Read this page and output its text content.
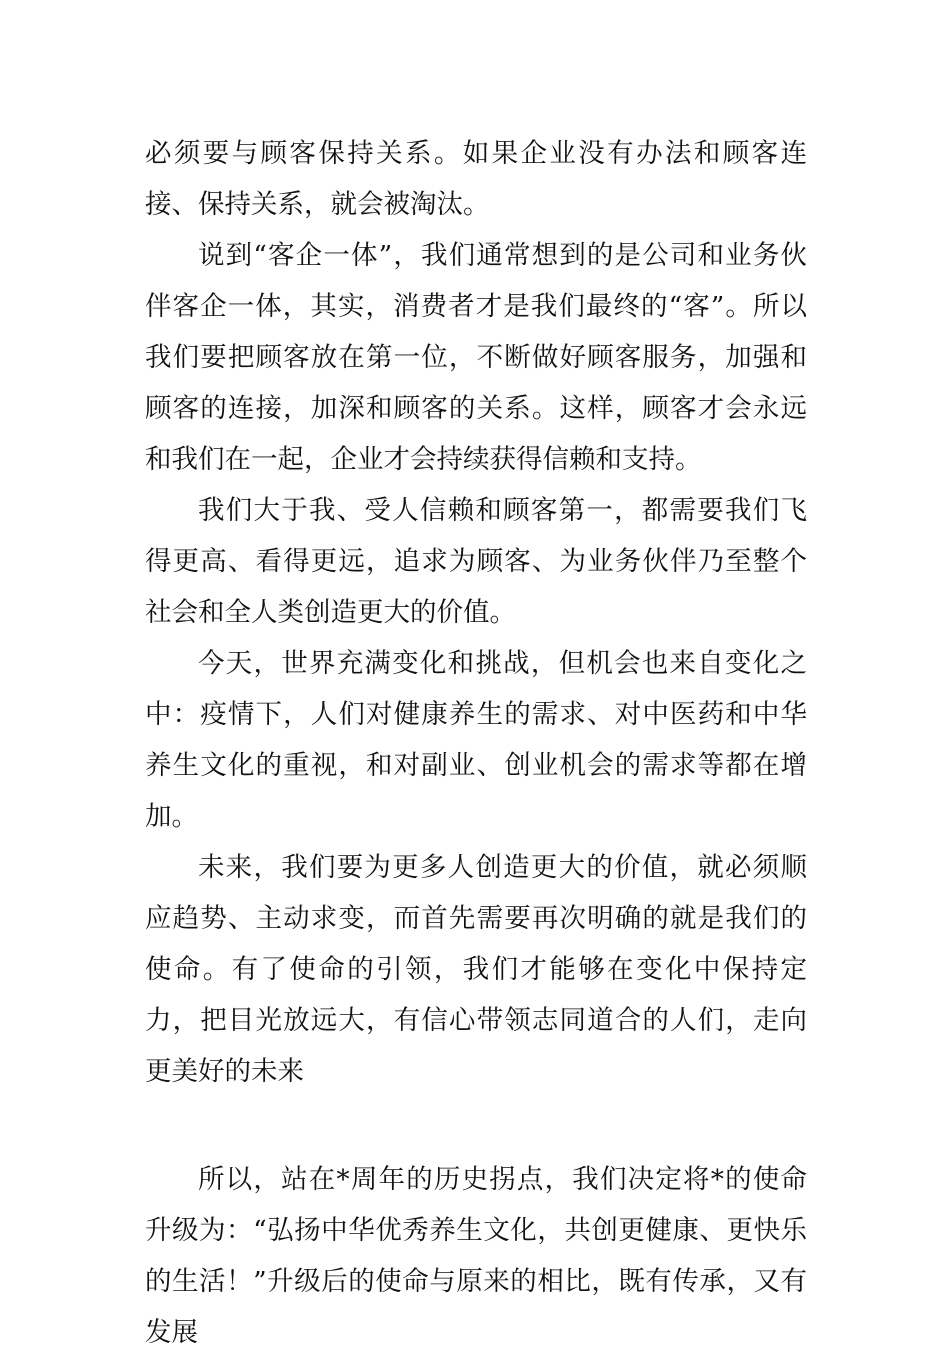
必须要与顾客保持关系。如果企业没有办法和顾客连接、保持关系，就会被淘汰。

说到“客企一体”，我们通常想到的是公司和业务伙伴客企一体，其实，消费者才是我们最终的“客”。所以我们要把顾客放在第一位，不断做好顾客服务，加强和顾客的连接，加深和顾客的关系。这样，顾客才会永远和我们在一起，企业才会持续获得信赖和支持。

我们大于我、受人信赖和顾客第一，都需要我们飞得更高、看得更远，追求为顾客、为业务伙伴乃至整个社会和全人类创造更大的价值。

今天，世界充满变化和挑战，但机会也来自变化之中：疫情下，人们对健康养生的需求、对中医药和中华养生文化的重视，和对副业、创业机会的需求等都在增加。

未来，我们要为更多人创造更大的价值，就必须顺应趋势、主动求变，而首先需要再次明确的就是我们的使命。有了使命的引领，我们才能够在变化中保持定力，把目光放远大，有信心带领志同道合的人们，走向更美好的未来

所以，站在*周年的历史拐点，我们决定将*的使命升级为：“弘扬中华优秀养生文化，共创更健康、更快乐的生活！”升级后的使命与原来的相比，既有传承，又有发展
